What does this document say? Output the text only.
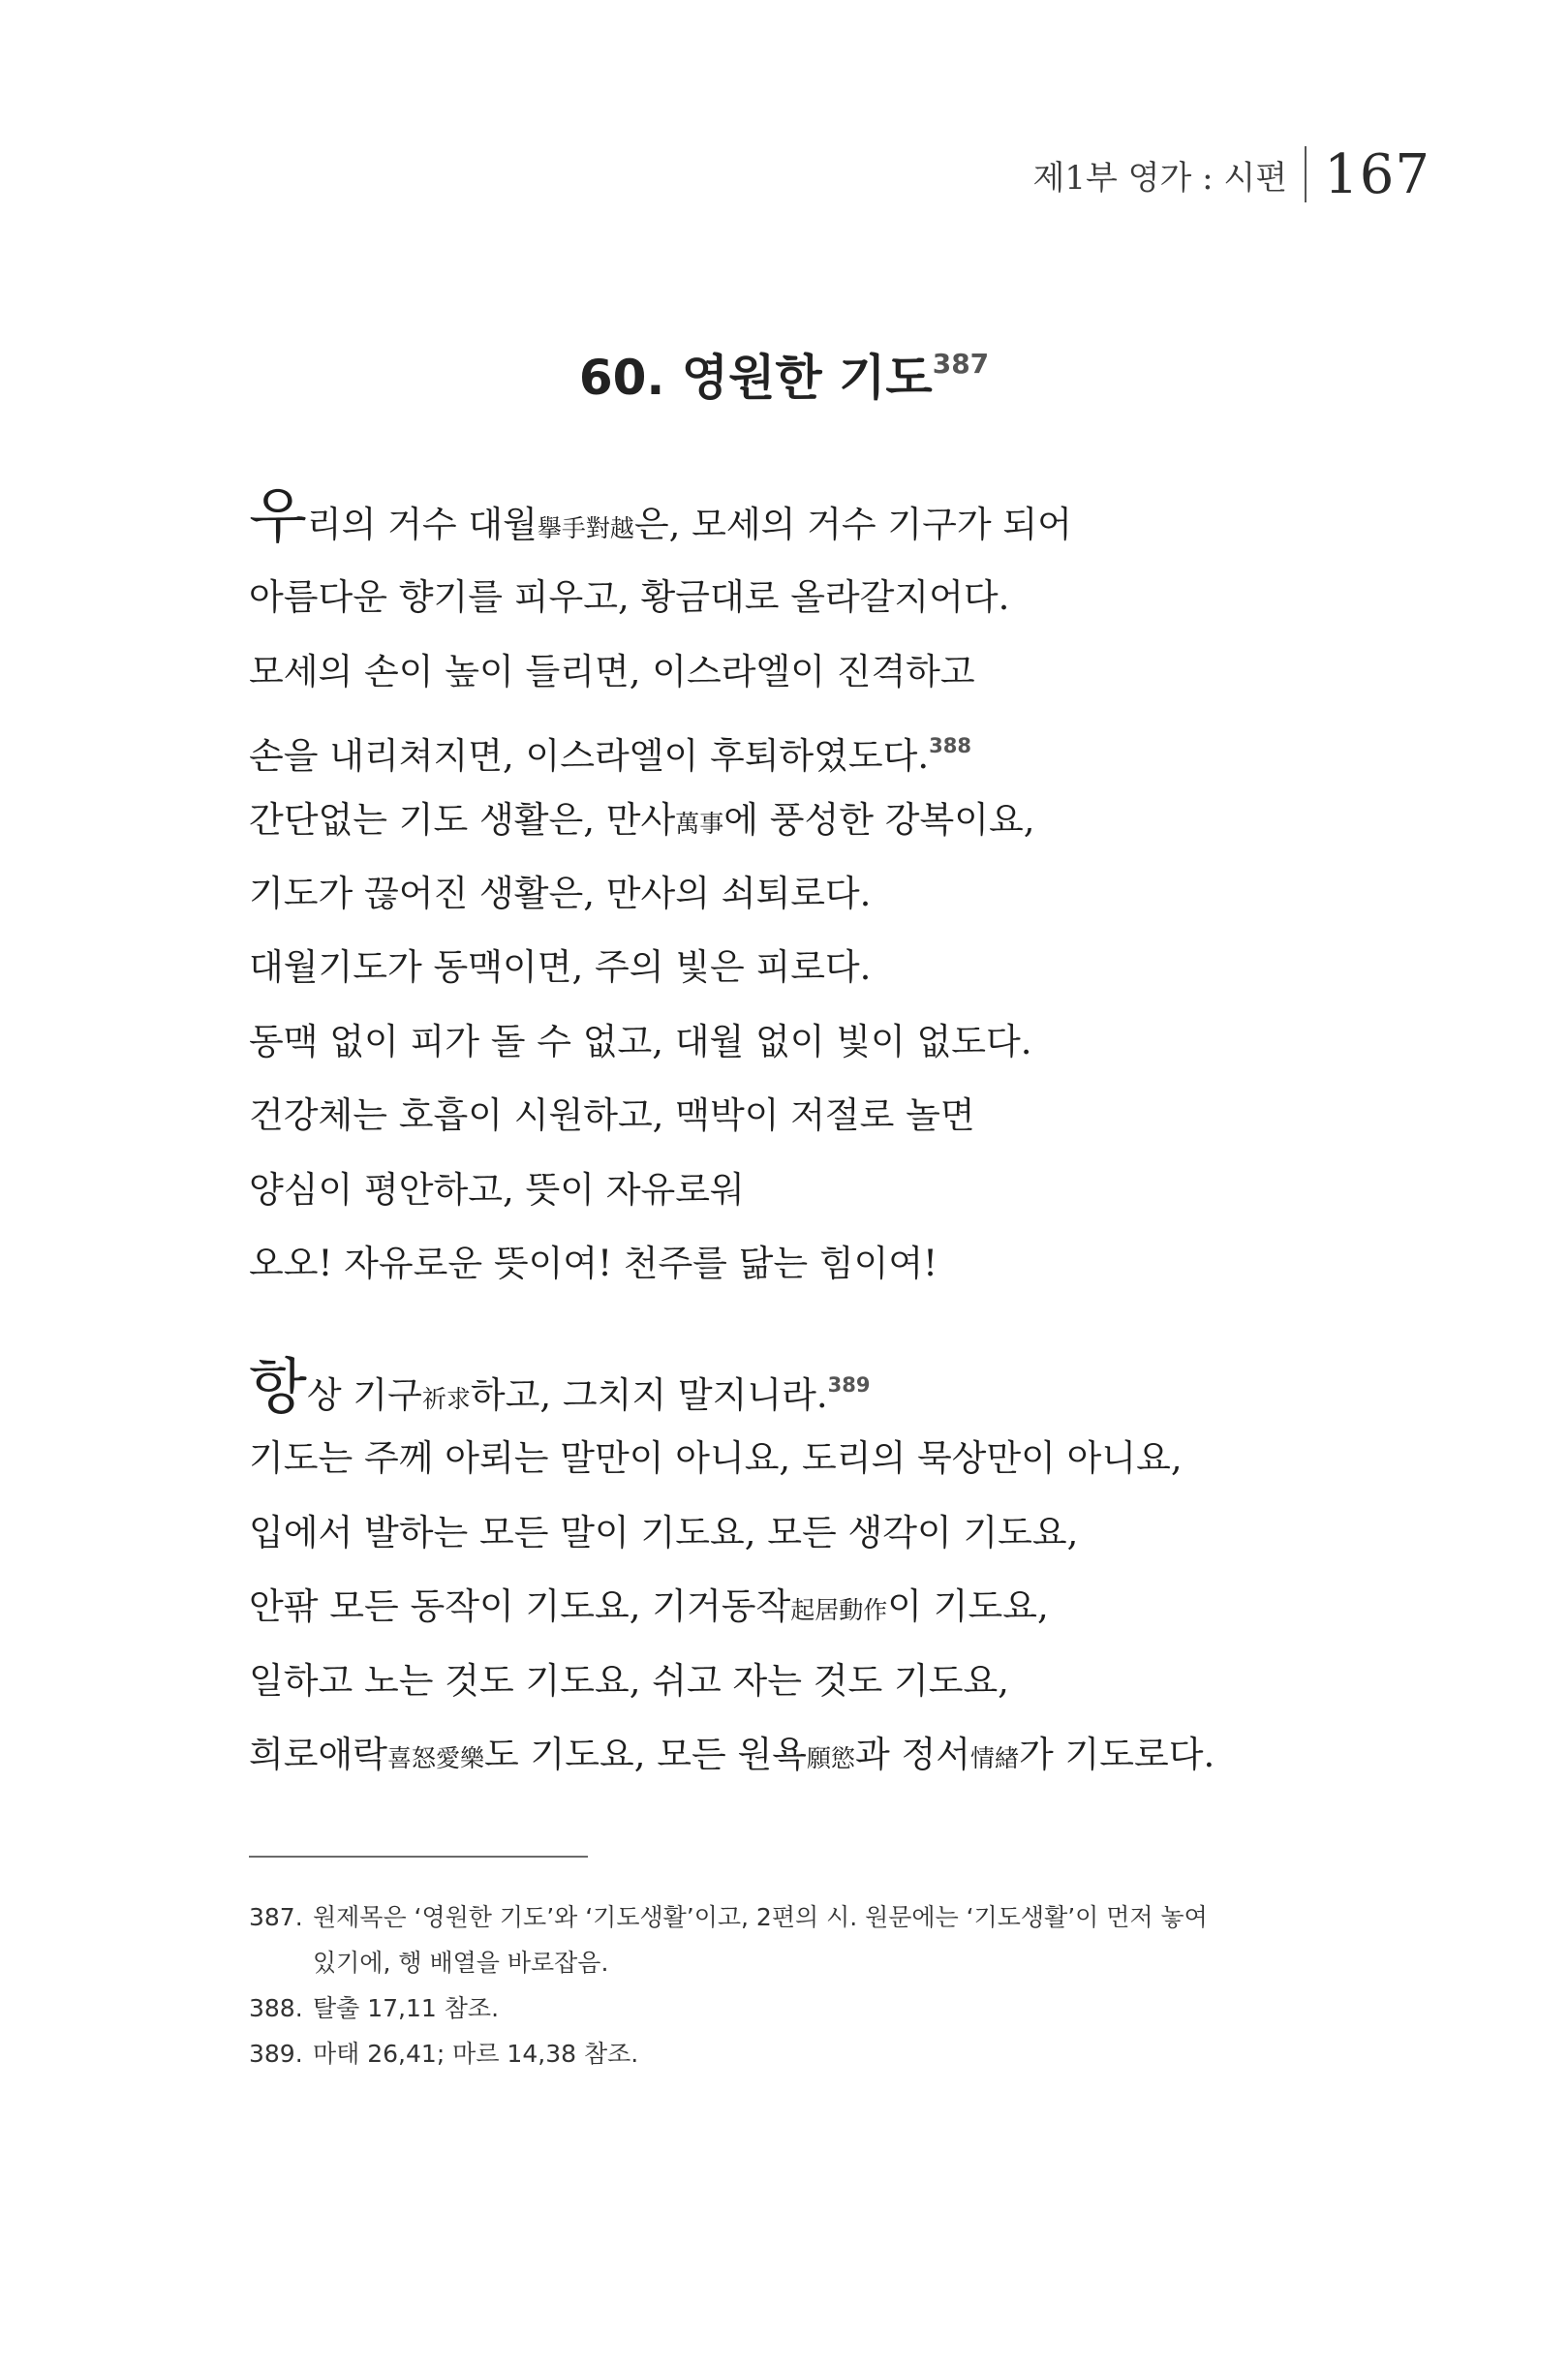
제1부 영가 : 시편 167
60. 영원한 기도$^{387}$
우리의 거수 대월擧手對越은, 모세의 거수 기구가 되어
아름다운 향기를 피우고, 황금대로 올라갈지어다.
모세의 손이 높이 들리면, 이스라엘이 진격하고
손을 내리쳐지면, 이스라엘이 후퇴하였도다.$^{388}$
간단없는 기도 생활은, 만사萬事에 풍성한 강복이요,
기도가 끊어진 생활은, 만사의 쇠퇴로다.
대월기도가 동맥이면, 주의 빛은 피로다.
동맥 없이 피가 돌 수 없고, 대월 없이 빛이 없도다.
건강체는 호흡이 시원하고, 맥박이 저절로 놀면
양심이 평안하고, 뜻이 자유로워
오오! 자유로운 뜻이여! 천주를 닮는 힘이여!
항상 기구祈求하고, 그치지 말지니라.$^{389}$
기도는 주께 아뢰는 말만이 아니요, 도리의 묵상만이 아니요,
입에서 발하는 모든 말이 기도요, 모든 생각이 기도요,
안팎 모든 동작이 기도요, 기거동작起居動作이 기도요,
일하고 노는 것도 기도요, 쉬고 자는 것도 기도요,
희로애락喜怒愛樂도 기도요, 모든 원욕願慾과 정서情緖가 기도로다.
387. 원제목은 ‘영원한 기도’와 ‘기도생활’이고, 2편의 시. 원문에는 ‘기도생활’이 먼저 놓여
있기에, 행 배열을 바로잡음.
388. 탈출 17,11 참조.
389. 마태 26,41; 마르 14,38 참조.
